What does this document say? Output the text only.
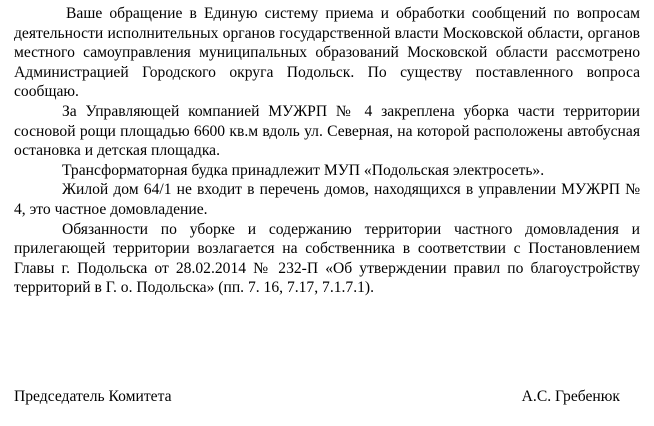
Ваше обращение в Единую систему приема и обработки сообщений по вопросам деятельности исполнительных органов государственной власти Московской области, органов местного самоуправления муниципальных образований Московской области рассмотрено Администрацией Городского округа Подольск. По существу поставленного вопроса сообщаю.

За Управляющей компанией МУЖРП № 4 закреплена уборка части территории сосновой рощи площадью 6600 кв.м вдоль ул. Северная, на которой расположены автобусная остановка и детская площадка.

Трансформаторная будка принадлежит МУП «Подольская электросеть».

Жилой дом 64/1 не входит в перечень домов, находящихся в управлении МУЖРП № 4, это частное домовладение.

Обязанности по уборке и содержанию территории частного домовладения и прилегающей территории возлагается на собственника в соответствии с Постановлением Главы г. Подольска от 28.02.2014 № 232-П «Об утверждении правил по благоустройству территорий в Г. о. Подольска» (пп. 7. 16, 7.17, 7.1.7.1).

Председатель Комитета	А.С. Гребенюк
